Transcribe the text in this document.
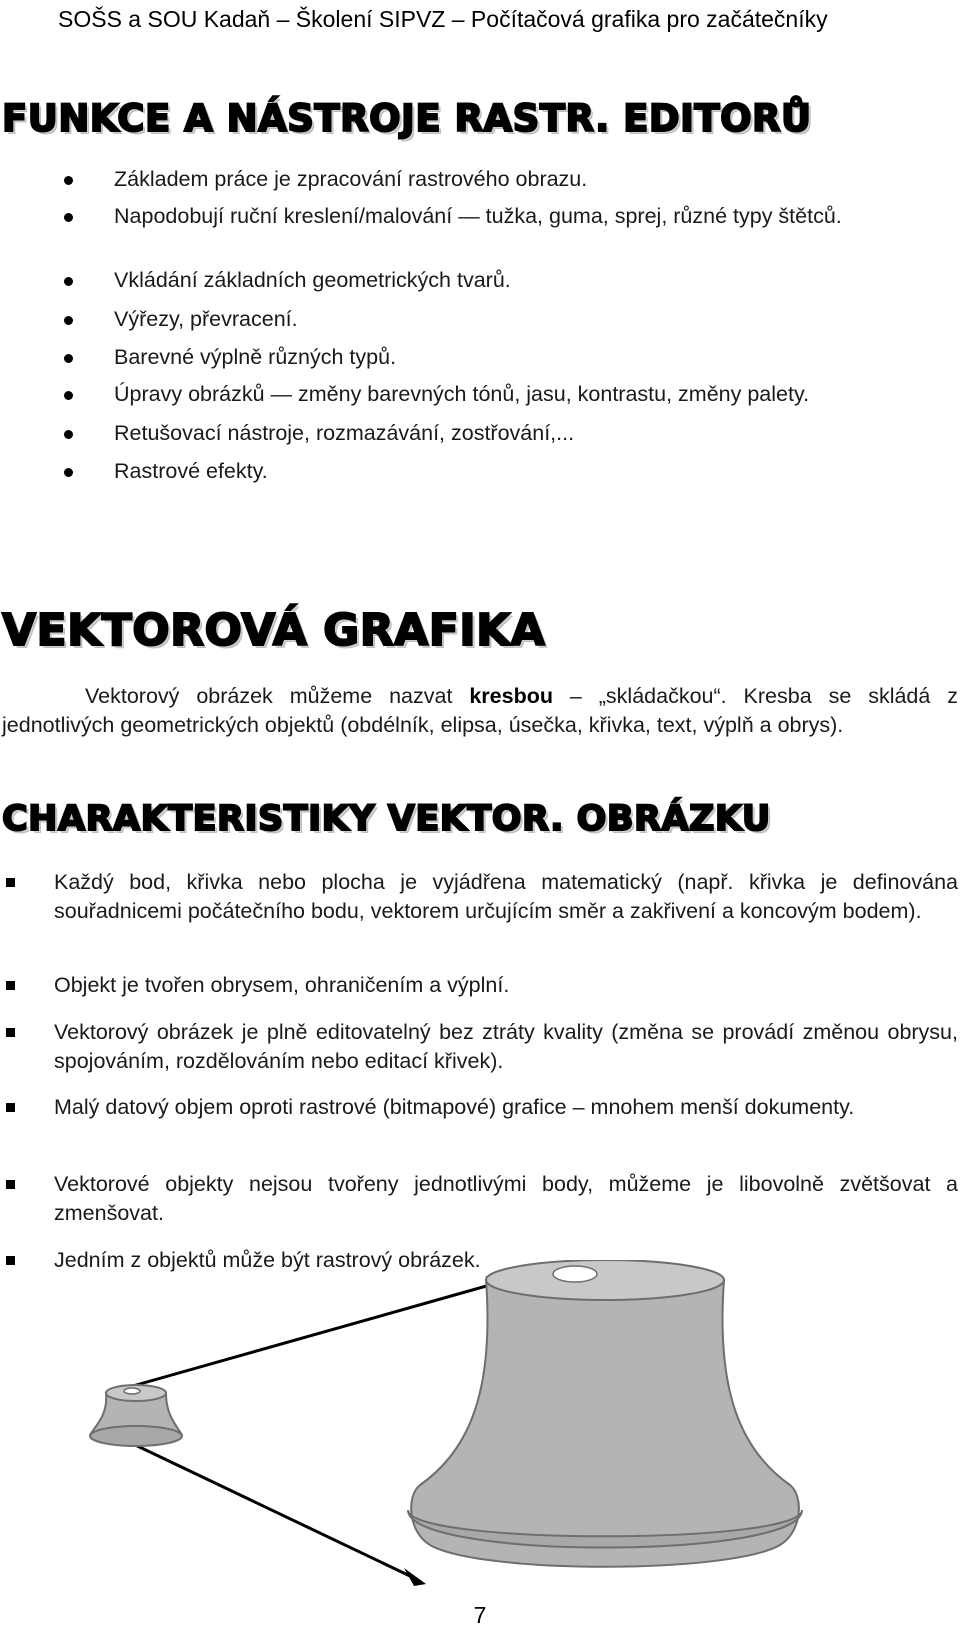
SOŠS a SOU Kadaň – Školení SIPVZ – Počítačová grafika pro začátečníky
FUNKCE A NÁSTROJE RASTR. EDITORŮ
Základem práce je zpracování rastrového obrazu.
Napodobují ruční kreslení/malování — tužka, guma, sprej, různé typy štětců.
Vkládání základních geometrických tvarů.
Výřezy, převracení.
Barevné výplně různých typů.
Úpravy obrázků — změny barevných tónů, jasu, kontrastu, změny palety.
Retušovací nástroje, rozmazávání, zostřování,...
Rastrové efekty.
VEKTOROVÁ GRAFIKA

Vektorový obrázek můžeme nazvat kresbou – „skládačkou“. Kresba se skládá z jednotlivých geometrických objektů (obdélník, elipsa, úsečka, křivka, text, výplň a obrys).

CHARAKTERISTIKY VEKTOR. OBRÁZKU
Každý bod, křivka nebo plocha je vyjádřena matematický (např. křivka je definována souřadnicemi počátečního bodu, vektorem určujícím směr a zakřivení a koncovým bodem).
Objekt je tvořen obrysem, ohraničením a výplní.
Vektorový obrázek je plně editovatelný bez ztráty kvality (změna se provádí změnou obrysu, spojováním, rozdělováním nebo editací křivek).
Malý datový objem oproti rastrové (bitmapové) grafice – mnohem menší dokumenty.
Vektorové objekty nejsou tvořeny jednotlivými body, můžeme je libovolně zvětšovat a zmenšovat.
Jedním z objektů může být rastrový obrázek.
7
